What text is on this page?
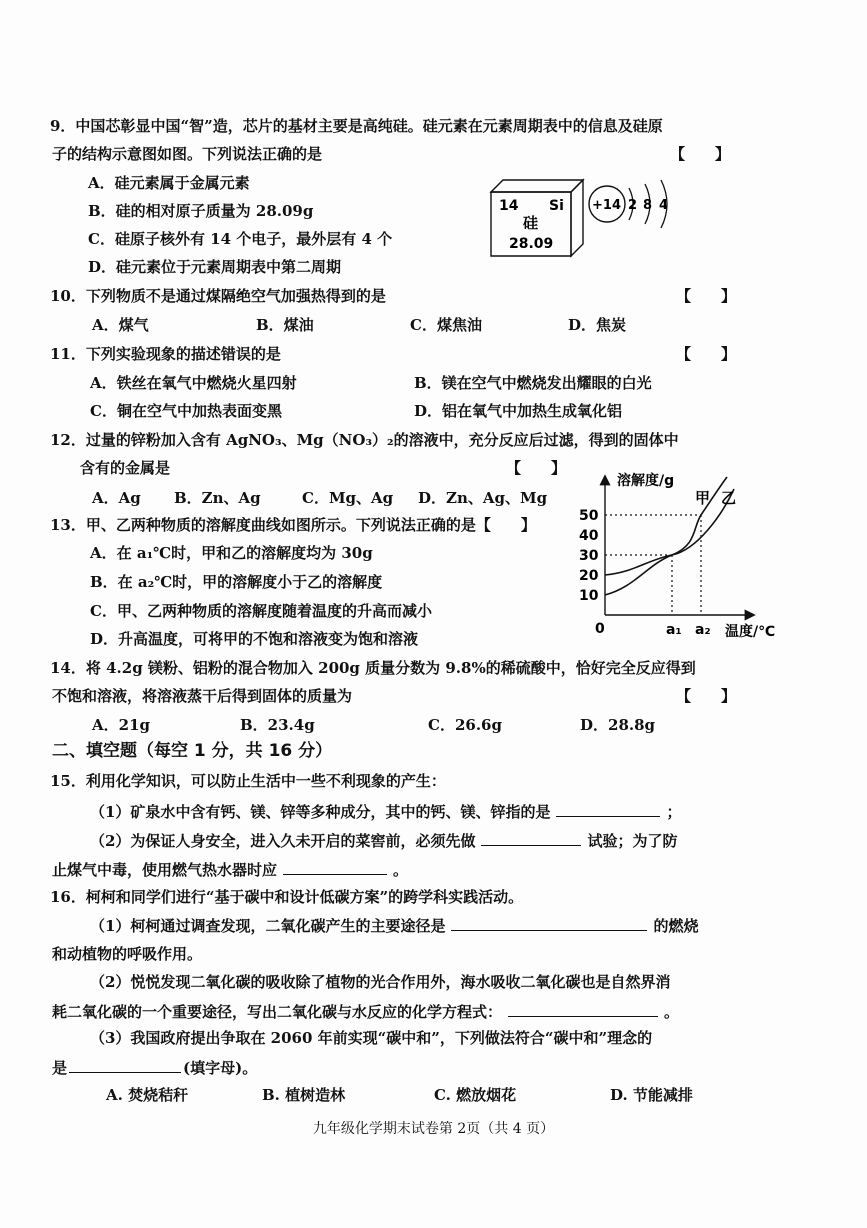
9．中国芯彰显中国“智”造，芯片的基材主要是高纯硅。硅元素在元素周期表中的信息及硅原
子的结构示意图如图。下列说法正确的是	【　　】
A．硅元素属于金属元素
B．硅的相对原子质量为 28.09g
C．硅原子核外有 14 个电子，最外层有 4 个
D．硅元素位于元素周期表中第二周期
14 Si
硅
28.09
+14 2 8 4
10．下列物质不是通过煤隔绝空气加强热得到的是	【　　】
A．煤气	B．煤油	C．煤焦油	D．焦炭
11．下列实验现象的描述错误的是	【　　】
A．铁丝在氧气中燃烧火星四射	B．镁在空气中燃烧发出耀眼的白光
C．铜在空气中加热表面变黑	D．铝在氧气中加热生成氧化铝
12．过量的锌粉加入含有 AgNO₃、Mg（NO₃）₂的溶液中，充分反应后过滤，得到的固体中
含有的金属是	【　　】
A．Ag B．Zn、Ag	C．Mg、Ag D．Zn、Ag、Mg
13．甲、乙两种物质的溶解度曲线如图所示。下列说法正确的是【　　】
A．在 a₁℃时，甲和乙的溶解度均为 30g
B．在 a₂℃时，甲的溶解度小于乙的溶解度
C．甲、乙两种物质的溶解度随着温度的升高而减小
D．升高温度，可将甲的不饱和溶液变为饱和溶液
溶解度/g
温度/℃
0
10
20
30
40
50
a₁ a₂
甲 乙
14．将 4.2g 镁粉、铝粉的混合物加入 200g 质量分数为 9.8%的稀硫酸中，恰好完全反应得到
不饱和溶液，将溶液蒸干后得到固体的质量为	【　　】
A．21g	B．23.4g	C．26.6g	D．28.8g
二、填空题（每空 1 分，共 16 分）
15．利用化学知识，可以防止生活中一些不利现象的产生：
（1）矿泉水中含有钙、镁、锌等多种成分，其中的钙、镁、锌指的是	；
（2）为保证人身安全，进入久未开启的菜窖前，必须先做	试验；为了防
止煤气中毒，使用燃气热水器时应	。
16．柯柯和同学们进行“基于碳中和设计低碳方案”的跨学科实践活动。
（1）柯柯通过调查发现，二氧化碳产生的主要途径是	的燃烧
和动植物的呼吸作用。
（2）悦悦发现二氧化碳的吸收除了植物的光合作用外，海水吸收二氧化碳也是自然界消
耗二氧化碳的一个重要途径，写出二氧化碳与水反应的化学方程式：	。
（3）我国政府提出争取在 2060 年前实现“碳中和”，下列做法符合“碳中和”理念的
是	(填字母)。
A. 焚烧秸秆	B. 植树造林	C. 燃放烟花	D. 节能减排
九年级化学期末试卷第 2页（共 4 页）
